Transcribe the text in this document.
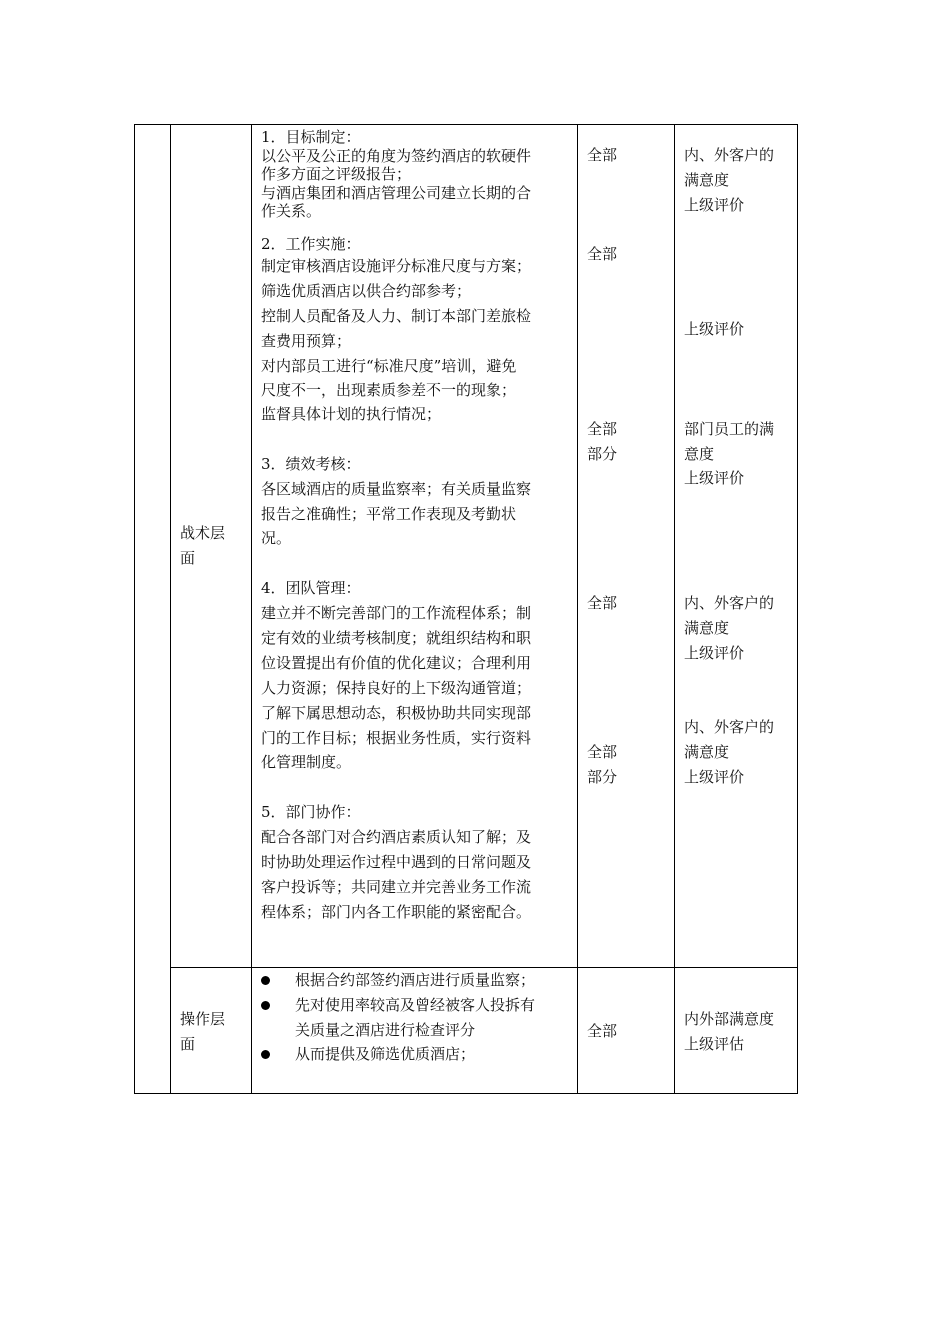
战术层
面
1．目标制定：
以公平及公正的角度为签约酒店的软硬件
作多方面之评级报告；
与酒店集团和酒店管理公司建立长期的合
作关系。
2．工作实施：
制定审核酒店设施评分标准尺度与方案；
筛选优质酒店以供合约部参考；
控制人员配备及人力、制订本部门差旅检
查费用预算；
对内部员工进行“标准尺度”培训，避免
尺度不一，出现素质参差不一的现象；
监督具体计划的执行情况；
3．绩效考核：
各区域酒店的质量监察率；有关质量监察
报告之准确性；平常工作表现及考勤状
况。
4．团队管理：
建立并不断完善部门的工作流程体系；制
定有效的业绩考核制度；就组织结构和职
位设置提出有价值的优化建议；合理利用
人力资源；保持良好的上下级沟通管道；
了解下属思想动态，积极协助共同实现部
门的工作目标；根据业务性质，实行资料
化管理制度。
5．部门协作：
配合各部门对合约酒店素质认知了解；及
时协助处理运作过程中遇到的日常问题及
客户投诉等；共同建立并完善业务工作流
程体系；部门内各工作职能的紧密配合。
全部
全部
全部
部分
全部
全部
部分
内、外客户的
满意度
上级评价
上级评价
部门员工的满
意度
上级评价
内、外客户的
满意度
上级评价
内、外客户的
满意度
上级评价
操作层
面
根据合约部签约酒店进行质量监察；
先对使用率较高及曾经被客人投拆有
关质量之酒店进行检查评分
从而提供及筛选优质酒店；
全部
内外部满意度
上级评估
